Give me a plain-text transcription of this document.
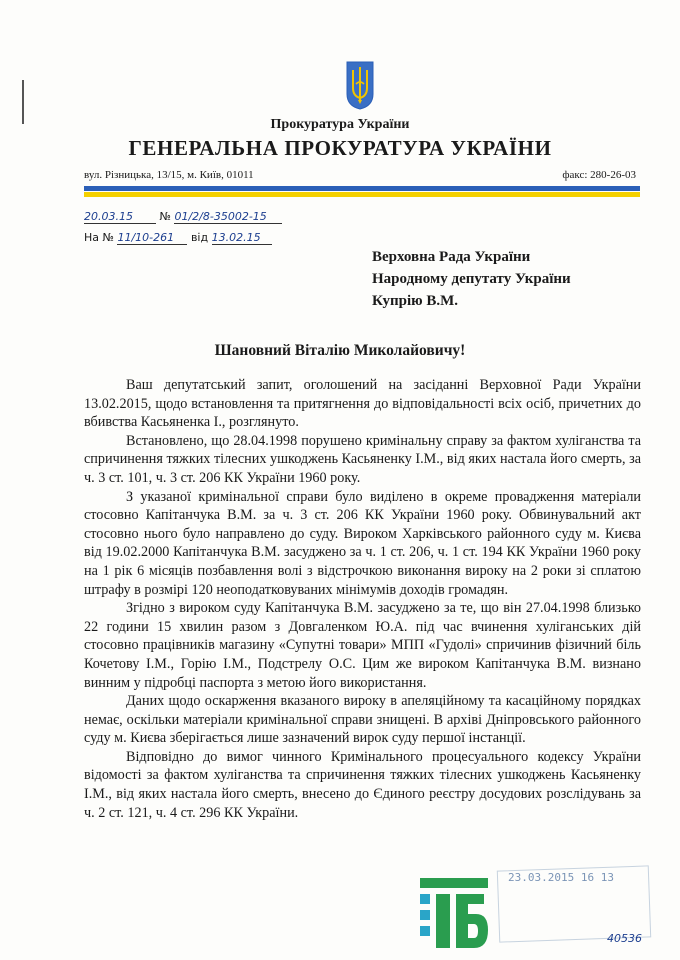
Прокуратура України
ГЕНЕРАЛЬНА ПРОКУРАТУРА УКРАЇНИ
вул. Різницька, 13/15, м. Київ, 01011	факс: 280-26-03
20.03.15 № 01/2/8-35002-15
На № 11/10-261 від 13.02.15
Верховна Рада України
Народному депутату України
Купрію В.М.
Шановний Віталію Миколайовичу!

Ваш депутатський запит, оголошений на засіданні Верховної Ради України 13.02.2015, щодо встановлення та притягнення до відповідальності всіх осіб, причетних до вбивства Касьяненка І., розглянуто.

Встановлено, що 28.04.1998 порушено кримінальну справу за фактом хуліганства та спричинення тяжких тілесних ушкоджень Касьяненку І.М., від яких настала його смерть, за ч. 3 ст. 101, ч. 3 ст. 206 КК України 1960 року.

З указаної кримінальної справи було виділено в окреме провадження матеріали стосовно Капітанчука В.М. за ч. 3 ст. 206 КК України 1960 року. Обвинувальний акт стосовно нього було направлено до суду. Вироком Харківського районного суду м. Києва від 19.02.2000 Капітанчука В.М. засуджено за ч. 1 ст. 206, ч. 1 ст. 194 КК України 1960 року на 1 рік 6 місяців позбавлення волі з відстрочкою виконання вироку на 2 роки зі сплатою штрафу в розмірі 120 неоподатковуваних мінімумів доходів громадян.

Згідно з вироком суду Капітанчука В.М. засуджено за те, що він 27.04.1998 близько 22 години 15 хвилин разом з Довгаленком Ю.А. під час вчинення хуліганських дій стосовно працівників магазину «Супутні товари» МПП «Гудолі» спричинив фізичний біль Кочетову І.М., Горію І.М., Подстрелу О.С. Цим же вироком Капітанчука В.М. визнано винним у підробці паспорта з метою його використання.

Даних щодо оскарження вказаного вироку в апеляційному та касаційному порядках немає, оскільки матеріали кримінальної справи знищені. В архіві Дніпровського районного суду м. Києва зберігається лише зазначений вирок суду першої інстанції.

Відповідно до вимог чинного Кримінального процесуального кодексу України відомості за фактом хуліганства та спричинення тяжких тілесних ушкоджень Касьяненку І.М., від яких настала його смерть, внесено до Єдиного реєстру досудових розслідувань за ч. 2 ст. 121, ч. 4 ст. 296 КК України.

23.03.2015 16 13
40536
